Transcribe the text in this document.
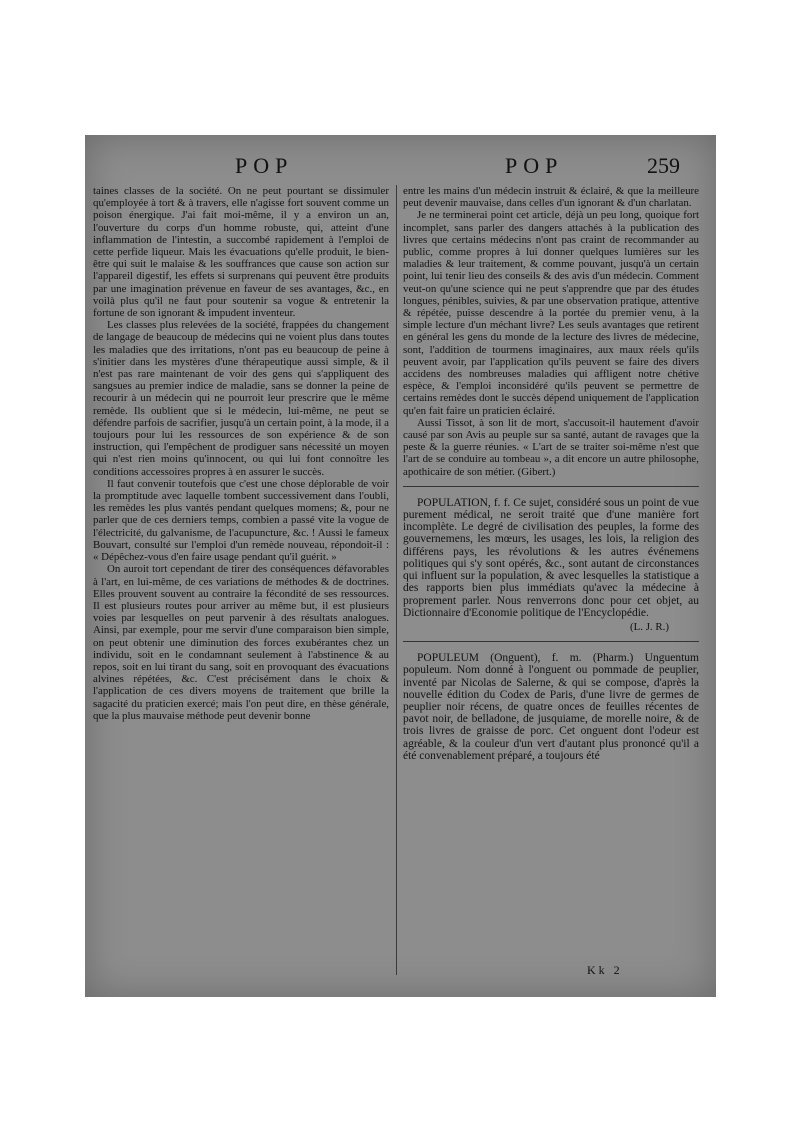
POP	POP	259

taines classes de la société. On ne peut pourtant se dissimuler qu'employée à tort & à travers, elle n'agisse fort souvent comme un poison énergique. J'ai fait moi-même, il y a environ un an, l'ouverture du corps d'un homme robuste, qui, atteint d'une inflammation de l'intestin, a succombé rapidement à l'emploi de cette perfide liqueur. Mais les évacuations qu'elle produit, le bien-être qui suit le malaise & les souffrances que cause son action sur l'appareil digestif, les effets si surprenans qui peuvent être produits par une imagination prévenue en faveur de ses avantages, &c., en voilà plus qu'il ne faut pour soutenir sa vogue & entretenir la fortune de son ignorant & impudent inventeur.

Les classes plus relevées de la société, frappées du changement de langage de beaucoup de médecins qui ne voient plus dans toutes les maladies que des irritations, n'ont pas eu beaucoup de peine à s'initier dans les mystères d'une thérapeutique aussi simple, & il n'est pas rare maintenant de voir des gens qui s'appliquent des sangsues au premier indice de maladie, sans se donner la peine de recourir à un médecin qui ne pourroit leur prescrire que le même remède. Ils oublient que si le médecin, lui-même, ne peut se défendre parfois de sacrifier, jusqu'à un certain point, à la mode, il a toujours pour lui les ressources de son expérience & de son instruction, qui l'empêchent de prodiguer sans nécessité un moyen qui n'est rien moins qu'innocent, ou qui lui font connoître les conditions accessoires propres à en assurer le succès.

Il faut convenir toutefois que c'est une chose déplorable de voir la promptitude avec laquelle tombent successivement dans l'oubli, les remèdes les plus vantés pendant quelques momens; &, pour ne parler que de ces derniers temps, combien a passé vite la vogue de l'électricité, du galvanisme, de l'acupuncture, &c. ! Aussi le fameux Bouvart, consulté sur l'emploi d'un remède nouveau, répondoit-il : « Dépêchez-vous d'en faire usage pendant qu'il guérit. »

On auroit tort cependant de tirer des conséquences défavorables à l'art, en lui-même, de ces variations de méthodes & de doctrines. Elles prouvent souvent au contraire la fécondité de ses ressources. Il est plusieurs routes pour arriver au même but, il est plusieurs voies par lesquelles on peut parvenir à des résultats analogues. Ainsi, par exemple, pour me servir d'une comparaison bien simple, on peut obtenir une diminution des forces exubérantes chez un individu, soit en le condamnant seulement à l'abstinence & au repos, soit en lui tirant du sang, soit en provoquant des évacuations alvines répétées, &c. C'est précisément dans le choix & l'application de ces divers moyens de traitement que brille la sagacité du praticien exercé; mais l'on peut dire, en thèse générale, que la plus mauvaise méthode peut devenir bonne

entre les mains d'un médecin instruit & éclairé, & que la meilleure peut devenir mauvaise, dans celles d'un ignorant & d'un charlatan.

Je ne terminerai point cet article, déjà un peu long, quoique fort incomplet, sans parler des dangers attachés à la publication des livres que certains médecins n'ont pas craint de recommander au public, comme propres à lui donner quelques lumières sur les maladies & leur traitement, & comme pouvant, jusqu'à un certain point, lui tenir lieu des conseils & des avis d'un médecin. Comment veut-on qu'une science qui ne peut s'apprendre que par des études longues, pénibles, suivies, & par une observation pratique, attentive & répétée, puisse descendre à la portée du premier venu, à la simple lecture d'un méchant livre? Les seuls avantages que retirent en général les gens du monde de la lecture des livres de médecine, sont, l'addition de tourmens imaginaires, aux maux réels qu'ils peuvent avoir, par l'application qu'ils peuvent se faire des divers accidens des nombreuses maladies qui affligent notre chétive espèce, & l'emploi inconsidéré qu'ils peuvent se permettre de certains remèdes dont le succès dépend uniquement de l'application qu'en fait faire un praticien éclairé.

Aussi Tissot, à son lit de mort, s'accusoit-il hautement d'avoir causé par son Avis au peuple sur sa santé, autant de ravages que la peste & la guerre réunies. « L'art de se traiter soi-même n'est que l'art de se conduire au tombeau », a dit encore un autre philosophe, apothicaire de son métier. (Gibert.)

POPULATION, f. f. Ce sujet, considéré sous un point de vue purement médical, ne seroit traité que d'une manière fort incomplète. Le degré de civilisation des peuples, la forme des gouvernemens, les mœurs, les usages, les lois, la religion des différens pays, les révolutions & les autres événemens politiques qui s'y sont opérés, &c., sont autant de circonstances qui influent sur la population, & avec lesquelles la statistique a des rapports bien plus immédiats qu'avec la médecine à proprement parler. Nous renverrons donc pour cet objet, au Dictionnaire d'Economie politique de l'Encyclopédie.

(L. J. R.)

POPULEUM (Onguent), f. m. (Pharm.) Unguentum populeum. Nom donné à l'onguent ou pommade de peuplier, inventé par Nicolas de Salerne, & qui se compose, d'après la nouvelle édition du Codex de Paris, d'une livre de germes de peuplier noir récens, de quatre onces de feuilles récentes de pavot noir, de belladone, de jusquiame, de morelle noire, & de trois livres de graisse de porc. Cet onguent dont l'odeur est agréable, & la couleur d'un vert d'autant plus prononcé qu'il a été convenablement préparé, a toujours été

Kk 2
